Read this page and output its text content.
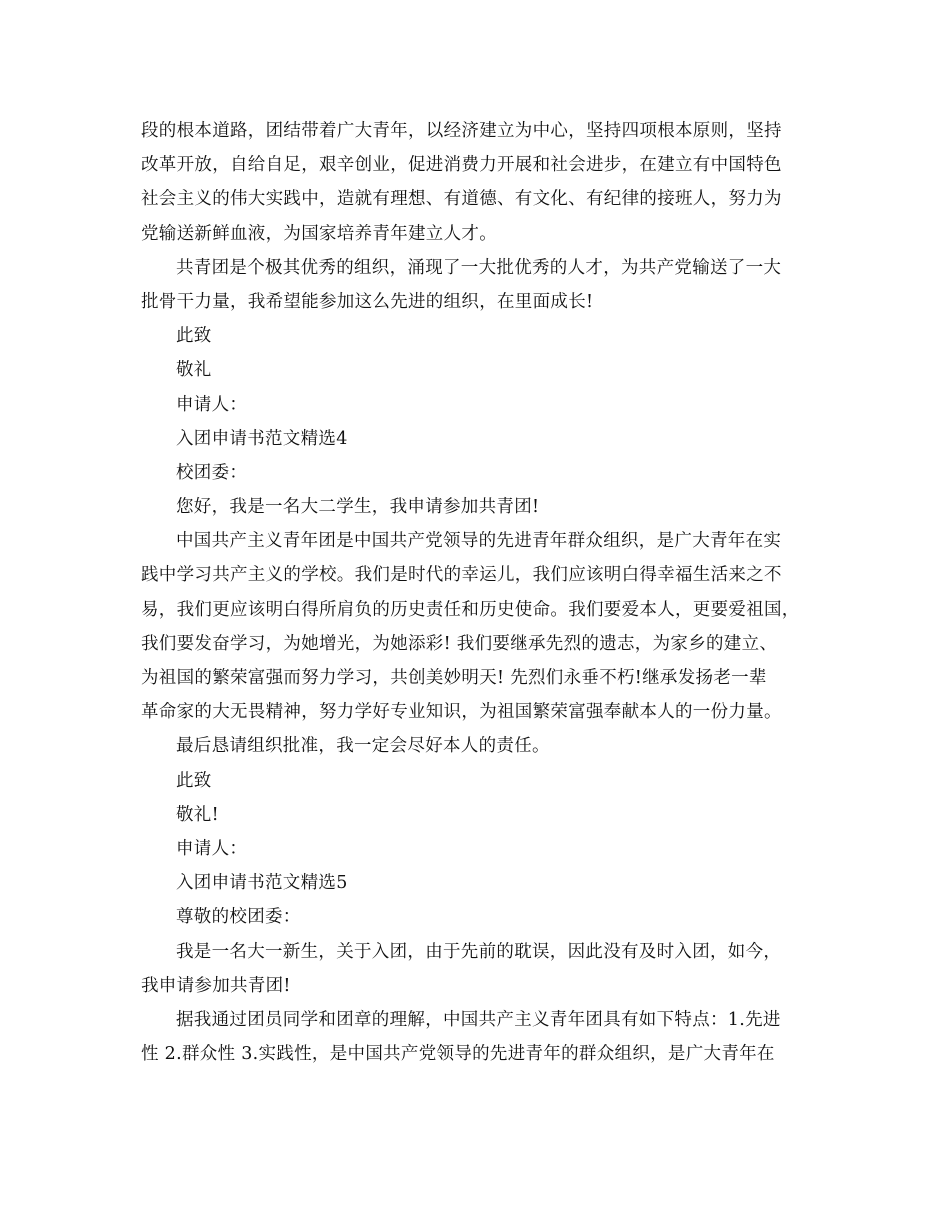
段的根本道路，团结带着广大青年，以经济建立为中心，坚持四项根本原则，坚持
改革开放，自给自足，艰辛创业，促进消费力开展和社会进步，在建立有中国特色
社会主义的伟大实践中，造就有理想、有道德、有文化、有纪律的接班人，努力为
党输送新鲜血液，为国家培养青年建立人才。
共青团是个极其优秀的组织，涌现了一大批优秀的人才，为共产党输送了一大
批骨干力量，我希望能参加这么先进的组织，在里面成长!
此致
敬礼
申请人：
入团申请书范文精选4
校团委：
您好，我是一名大二学生，我申请参加共青团!
中国共产主义青年团是中国共产党领导的先进青年群众组织，是广大青年在实
践中学习共产主义的学校。我们是时代的幸运儿，我们应该明白得幸福生活来之不
易，我们更应该明白得所肩负的历史责任和历史使命。我们要爱本人，更要爱祖国，
我们要发奋学习，为她增光，为她添彩! 我们要继承先烈的遗志，为家乡的建立、
为祖国的繁荣富强而努力学习，共创美妙明天! 先烈们永垂不朽!继承发扬老一辈
革命家的大无畏精神，努力学好专业知识，为祖国繁荣富强奉献本人的一份力量。
最后恳请组织批准，我一定会尽好本人的责任。
此致
敬礼!
申请人：
入团申请书范文精选5
尊敬的校团委：
我是一名大一新生，关于入团，由于先前的耽误，因此没有及时入团，如今，
我申请参加共青团!
据我通过团员同学和团章的理解，中国共产主义青年团具有如下特点：1.先进
性 2.群众性 3.实践性，是中国共产党领导的先进青年的群众组织，是广大青年在
